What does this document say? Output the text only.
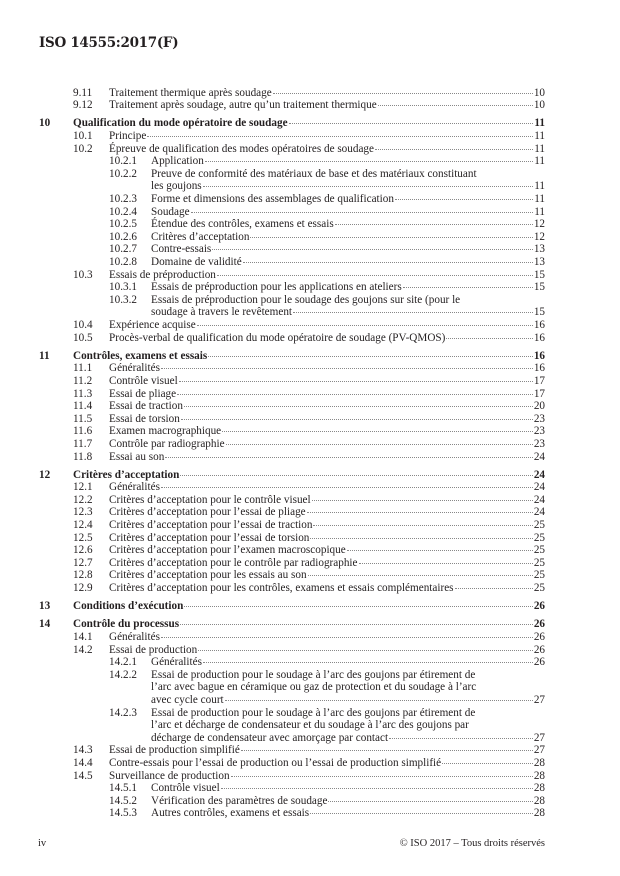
ISO 14555:2017(F)
9.11 Traitement thermique après soudage	10
9.12 Traitement après soudage, autre qu’un traitement thermique	10
10 Qualification du mode opératoire de soudage	11
10.1 Principe	11
10.2 Épreuve de qualification des modes opératoires de soudage	11
10.2.1 Application	11
10.2.2 Preuve de conformité des matériaux de base et des matériaux constituant
les goujons	11
10.2.3 Forme et dimensions des assemblages de qualification	11
10.2.4 Soudage	11
10.2.5 Étendue des contrôles, examens et essais	12
10.2.6 Critères d’acceptation	12
10.2.7 Contre-essais	13
10.2.8 Domaine de validité	13
10.3 Essais de préproduction	15
10.3.1 Essais de préproduction pour les applications en ateliers	15
10.3.2 Essais de préproduction pour le soudage des goujons sur site (pour le
soudage à travers le revêtement	15
10.4 Expérience acquise	16
10.5 Procès-verbal de qualification du mode opératoire de soudage (PV-QMOS)	16
11 Contrôles, examens et essais	16
11.1 Généralités	16
11.2 Contrôle visuel	17
11.3 Essai de pliage	17
11.4 Essai de traction	20
11.5 Essai de torsion	23
11.6 Examen macrographique	23
11.7 Contrôle par radiographie	23
11.8 Essai au son	24
12 Critères d’acceptation	24
12.1 Généralités	24
12.2 Critères d’acceptation pour le contrôle visuel	24
12.3 Critères d’acceptation pour l’essai de pliage	24
12.4 Critères d’acceptation pour l’essai de traction	25
12.5 Critères d’acceptation pour l’essai de torsion	25
12.6 Critères d’acceptation pour l’examen macroscopique	25
12.7 Critères d’acceptation pour le contrôle par radiographie	25
12.8 Critères d’acceptation pour les essais au son	25
12.9 Critères d’acceptation pour les contrôles, examens et essais complémentaires	25
13 Conditions d’exécution	26
14 Contrôle du processus	26
14.1 Généralités	26
14.2 Essai de production	26
14.2.1 Généralités	26
14.2.2 Essai de production pour le soudage à l’arc des goujons par étirement de
l’arc avec bague en céramique ou gaz de protection et du soudage à l’arc
avec cycle court	27
14.2.3 Essai de production pour le soudage à l’arc des goujons par étirement de
l’arc et décharge de condensateur et du soudage à l’arc des goujons par
décharge de condensateur avec amorçage par contact	27
14.3 Essai de production simplifié	27
14.4 Contre-essais pour l’essai de production ou l’essai de production simplifié	28
14.5 Surveillance de production	28
14.5.1 Contrôle visuel	28
14.5.2 Vérification des paramètres de soudage	28
14.5.3 Autres contrôles, examens et essais	28
iv	© ISO 2017 – Tous droits réservés
